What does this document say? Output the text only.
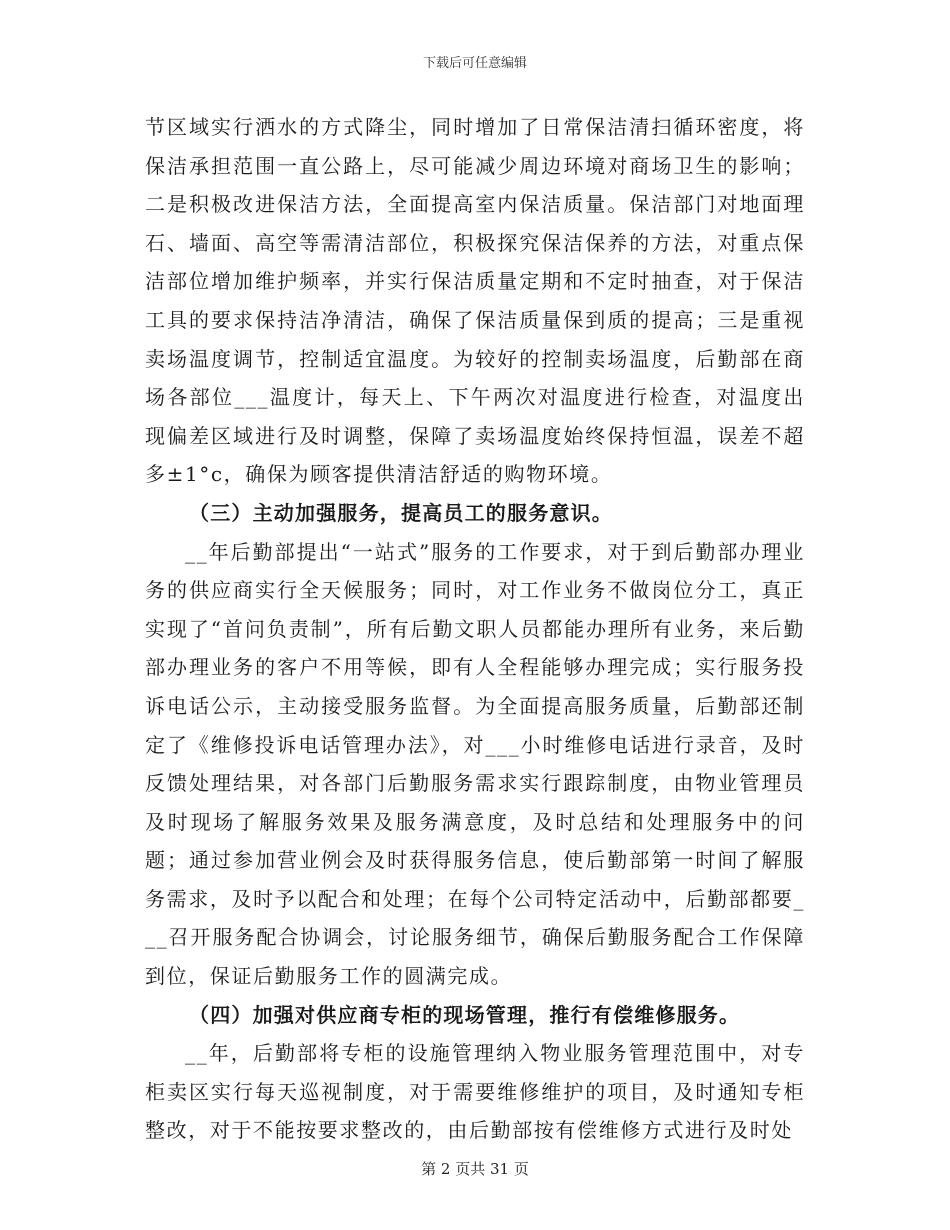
下载后可任意编辑

节区域实行洒水的方式降尘，同时增加了日常保洁清扫循环密度，将保洁承担范围一直公路上，尽可能减少周边环境对商场卫生的影响；二是积极改进保洁方法，全面提高室内保洁质量。保洁部门对地面理石、墙面、高空等需清洁部位，积极探究保洁保养的方法，对重点保洁部位增加维护频率，并实行保洁质量定期和不定时抽查，对于保洁工具的要求保持洁净清洁，确保了保洁质量保到质的提高；三是重视卖场温度调节，控制适宜温度。为较好的控制卖场温度，后勤部在商场各部位___温度计，每天上、下午两次对温度进行检查，对温度出现偏差区域进行及时调整，保障了卖场温度始终保持恒温，误差不超多±1°c，确保为顾客提供清洁舒适的购物环境。

（三）主动加强服务，提高员工的服务意识。

__年后勤部提出“一站式”服务的工作要求，对于到后勤部办理业务的供应商实行全天候服务；同时，对工作业务不做岗位分工，真正实现了“首问负责制”，所有后勤文职人员都能办理所有业务，来后勤部办理业务的客户不用等候，即有人全程能够办理完成；实行服务投诉电话公示，主动接受服务监督。为全面提高服务质量，后勤部还制定了《维修投诉电话管理办法》，对___小时维修电话进行录音，及时反馈处理结果，对各部门后勤服务需求实行跟踪制度，由物业管理员及时现场了解服务效果及服务满意度，及时总结和处理服务中的问题；通过参加营业例会及时获得服务信息，使后勤部第一时间了解服务需求，及时予以配合和处理；在每个公司特定活动中，后勤部都要___召开服务配合协调会，讨论服务细节，确保后勤服务配合工作保障到位，保证后勤服务工作的圆满完成。

（四）加强对供应商专柜的现场管理，推行有偿维修服务。

__年，后勤部将专柜的设施管理纳入物业服务管理范围中，对专柜卖区实行每天巡视制度，对于需要维修维护的项目，及时通知专柜整改，对于不能按要求整改的，由后勤部按有偿维修方式进行及时处

第 2 页共 31 页
